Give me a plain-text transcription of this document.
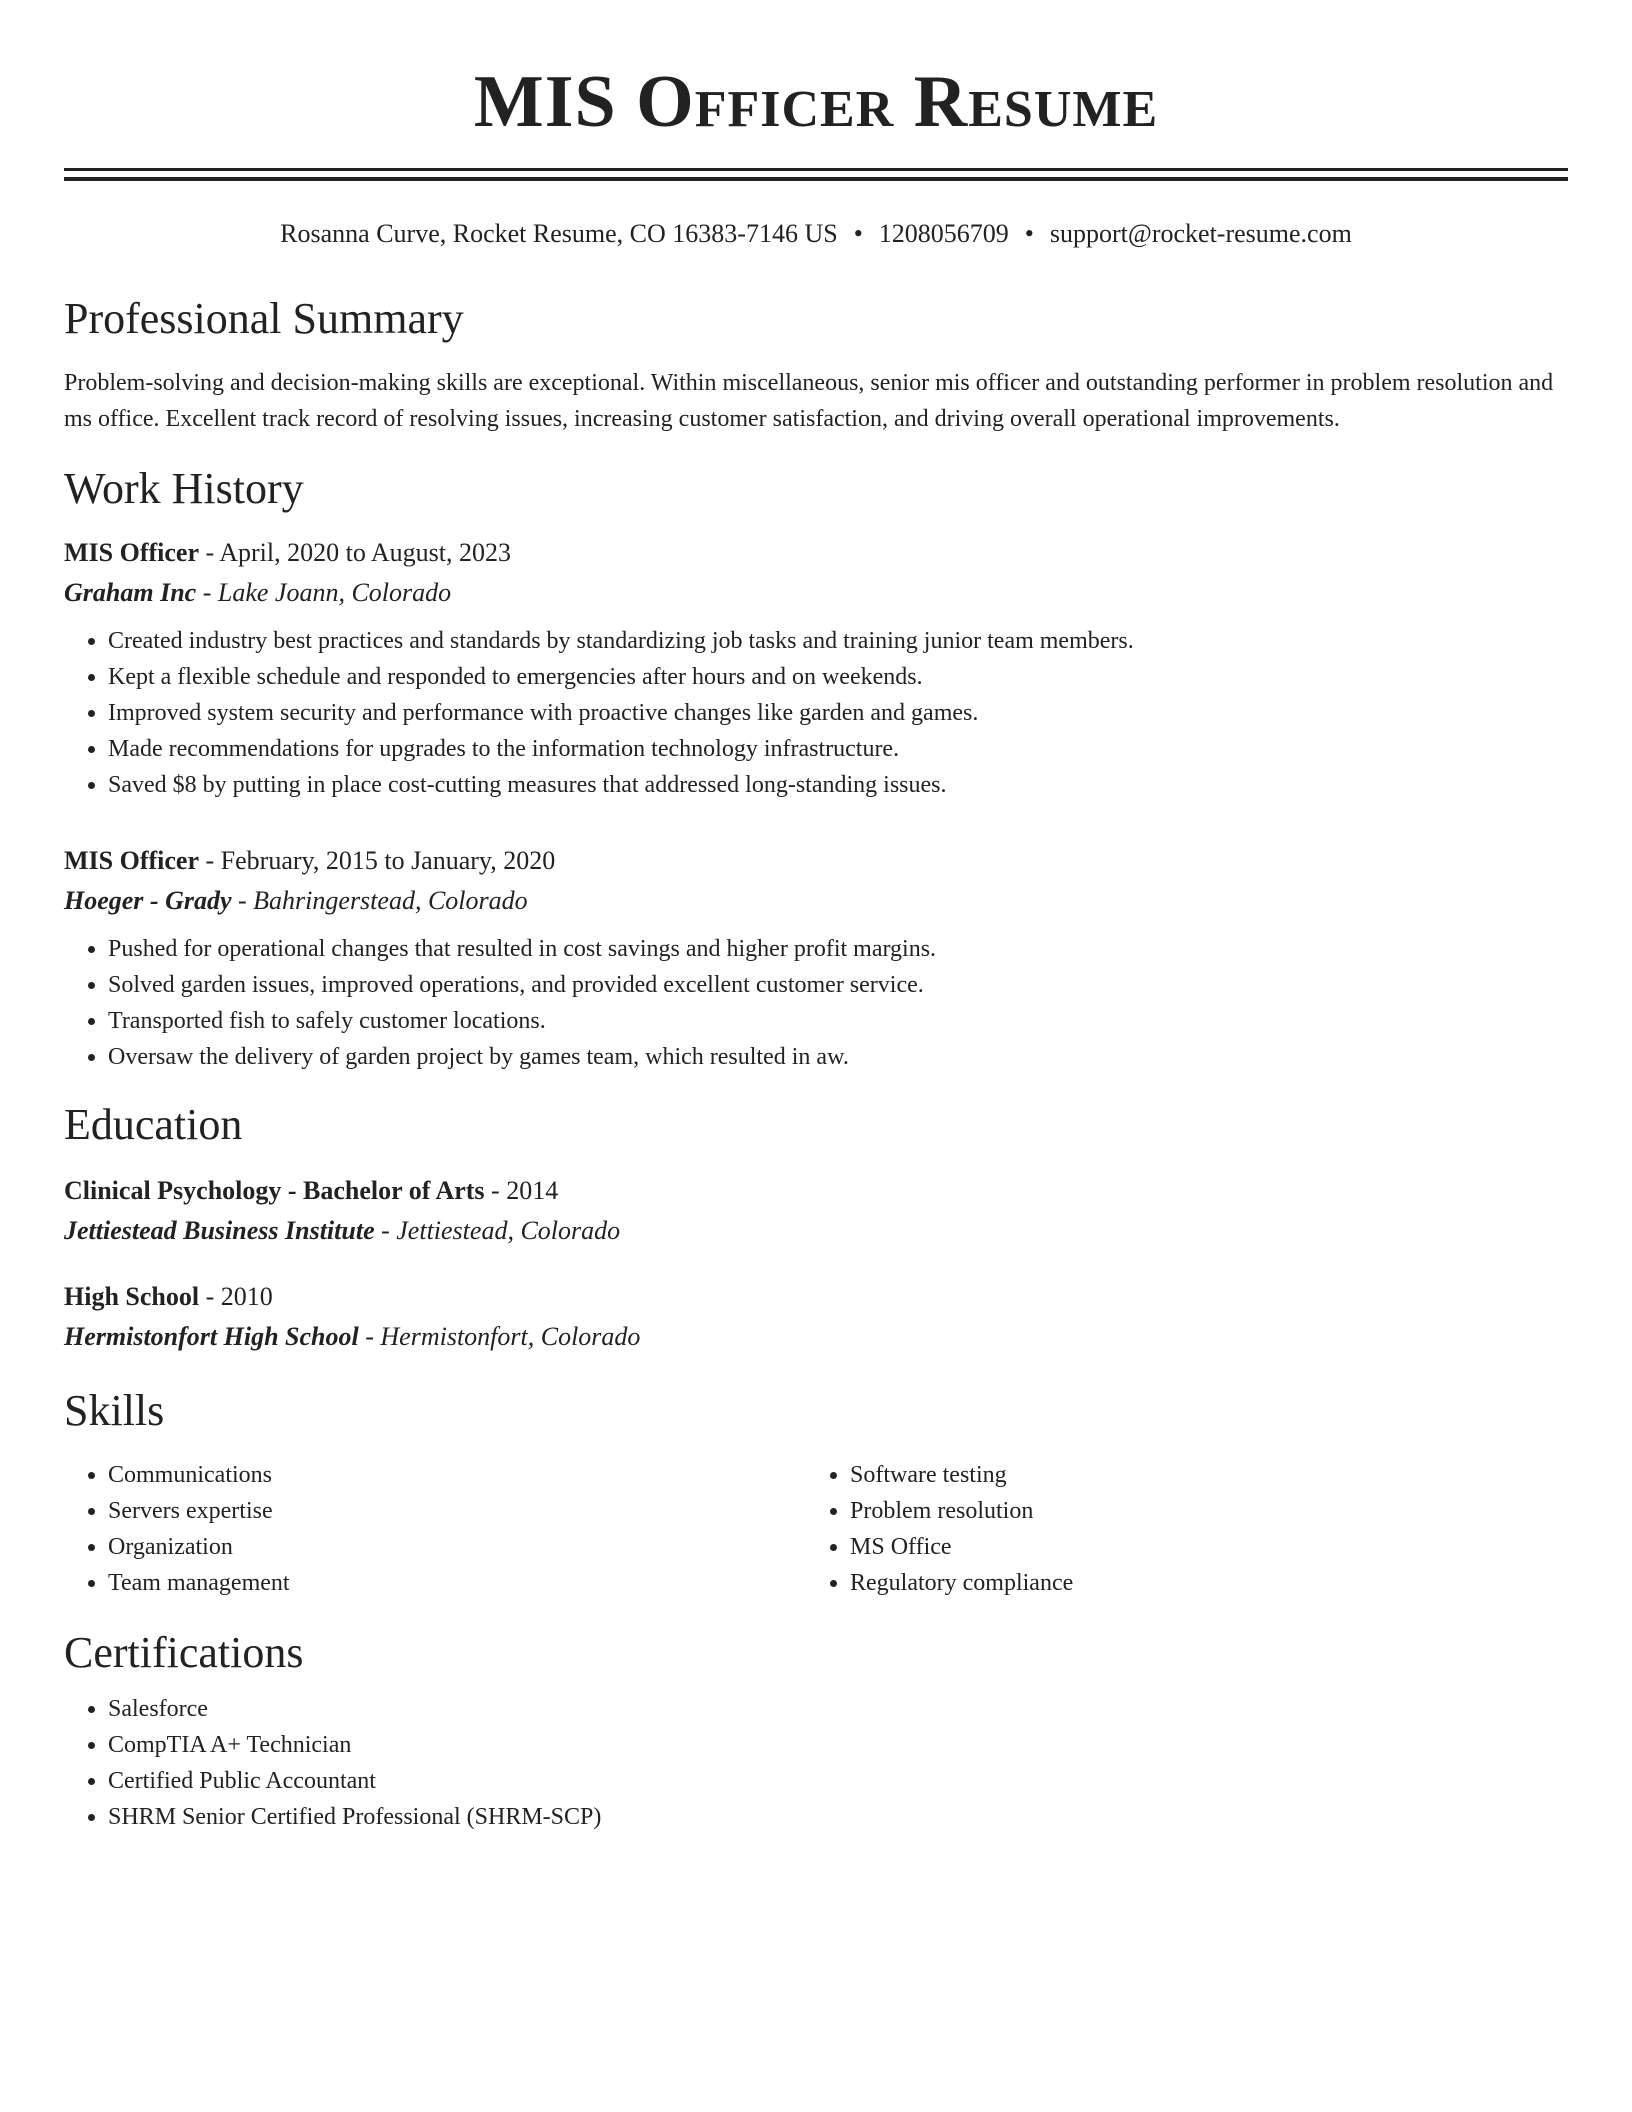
MIS Officer Resume
Rosanna Curve, Rocket Resume, CO 16383-7146 US • 1208056709 • support@rocket-resume.com
Professional Summary
Problem-solving and decision-making skills are exceptional. Within miscellaneous, senior mis officer and outstanding performer in problem resolution and ms office. Excellent track record of resolving issues, increasing customer satisfaction, and driving overall operational improvements.
Work History
MIS Officer - April, 2020 to August, 2023
Graham Inc - Lake Joann, Colorado
• Created industry best practices and standards by standardizing job tasks and training junior team members.
• Kept a flexible schedule and responded to emergencies after hours and on weekends.
• Improved system security and performance with proactive changes like garden and games.
• Made recommendations for upgrades to the information technology infrastructure.
• Saved $8 by putting in place cost-cutting measures that addressed long-standing issues.
MIS Officer - February, 2015 to January, 2020
Hoeger - Grady - Bahringerstead, Colorado
• Pushed for operational changes that resulted in cost savings and higher profit margins.
• Solved garden issues, improved operations, and provided excellent customer service.
• Transported fish to safely customer locations.
• Oversaw the delivery of garden project by games team, which resulted in aw.
Education
Clinical Psychology - Bachelor of Arts - 2014
Jettiestead Business Institute - Jettiestead, Colorado
High School - 2010
Hermistonfort High School - Hermistonfort, Colorado
Skills
• Communications
• Servers expertise
• Organization
• Team management
• Software testing
• Problem resolution
• MS Office
• Regulatory compliance
Certifications
• Salesforce
• CompTIA A+ Technician
• Certified Public Accountant
• SHRM Senior Certified Professional (SHRM-SCP)
